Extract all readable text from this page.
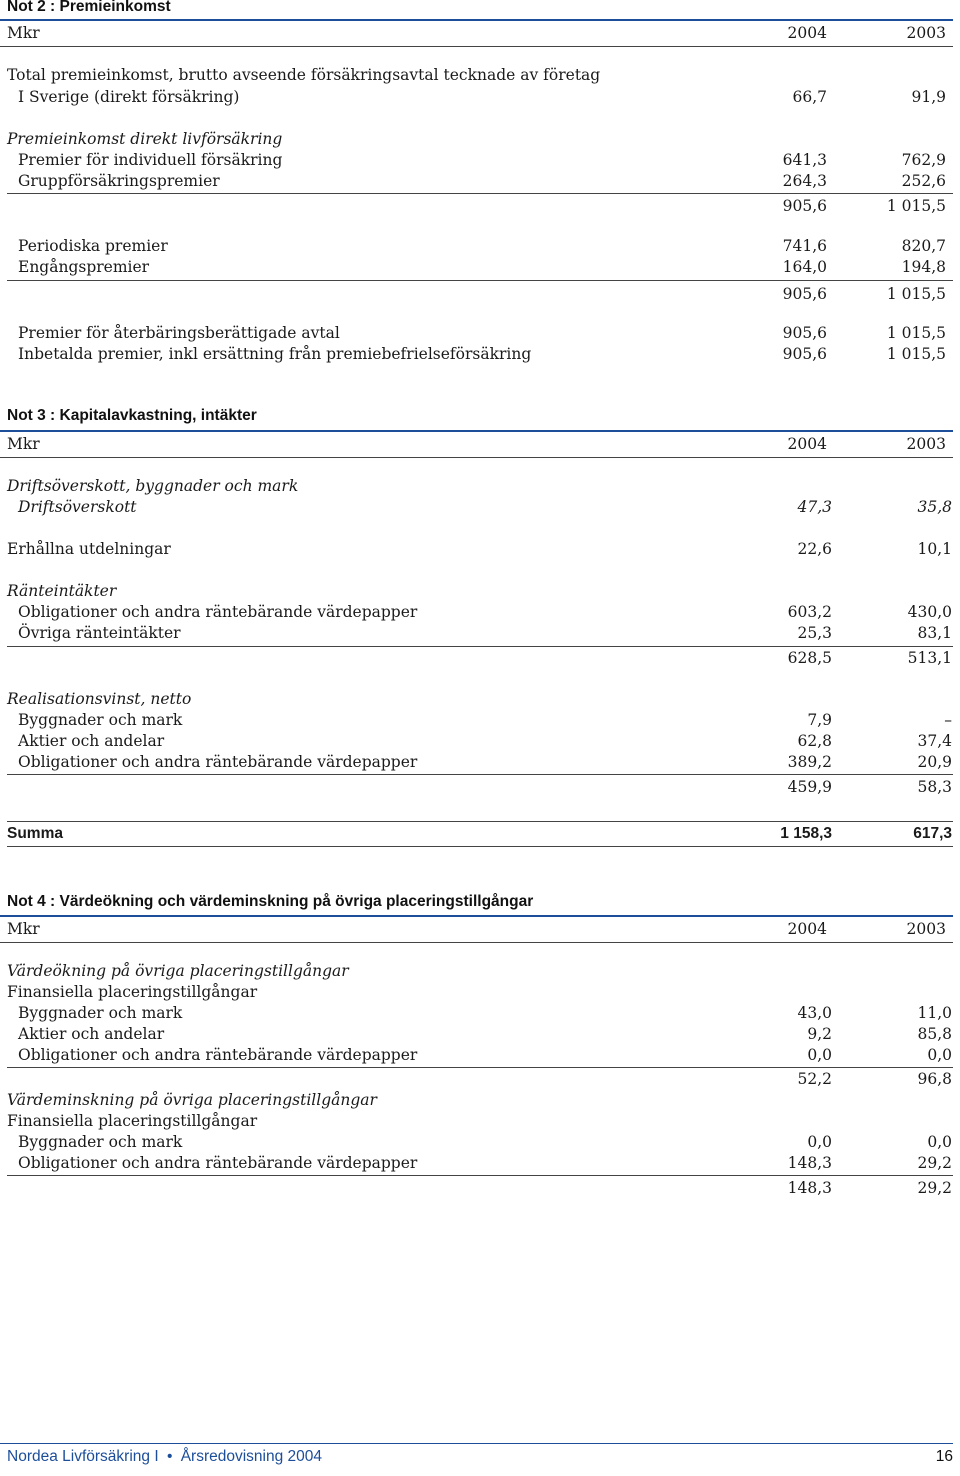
Not 2 : Premieinkomst
Mkr	2004	2003
Total premieinkomst, brutto avseende försäkringsavtal tecknade av företag
I Sverige (direkt försäkring)	66,7	91,9
Premieinkomst direkt livförsäkring
Premier för individuell försäkring	641,3	762,9
Gruppförsäkringspremier	264,3	252,6
905,6	1 015,5
Periodiska premier	741,6	820,7
Engångspremier	164,0	194,8
905,6	1 015,5
Premier för återbäringsberättigade avtal	905,6	1 015,5
Inbetalda premier, inkl ersättning från premiebefrielseförsäkring	905,6	1 015,5
Not 3 : Kapitalavkastning, intäkter
Mkr	2004	2003
Driftsöverskott, byggnader och mark
Driftsöverskott	47,3	35,8
Erhållna utdelningar	22,6	10,1
Ränteintäkter
Obligationer och andra räntebärande värdepapper	603,2	430,0
Övriga ränteintäkter	25,3	83,1
628,5	513,1
Realisationsvinst, netto
Byggnader och mark	7,9	–
Aktier och andelar	62,8	37,4
Obligationer och andra räntebärande värdepapper	389,2	20,9
459,9	58,3
Summa	1 158,3	617,3
Not 4 : Värdeökning och värdeminskning på övriga placeringstillgångar
Mkr	2004	2003
Värdeökning på övriga placeringstillgångar
Finansiella placeringstillgångar
Byggnader och mark	43,0	11,0
Aktier och andelar	9,2	85,8
Obligationer och andra räntebärande värdepapper	0,0	0,0
52,2	96,8
Värdeminskning på övriga placeringstillgångar
Finansiella placeringstillgångar
Byggnader och mark	0,0	0,0
Obligationer och andra räntebärande värdepapper	148,3	29,2
148,3	29,2
Nordea Livförsäkring I • Årsredovisning 2004	16
